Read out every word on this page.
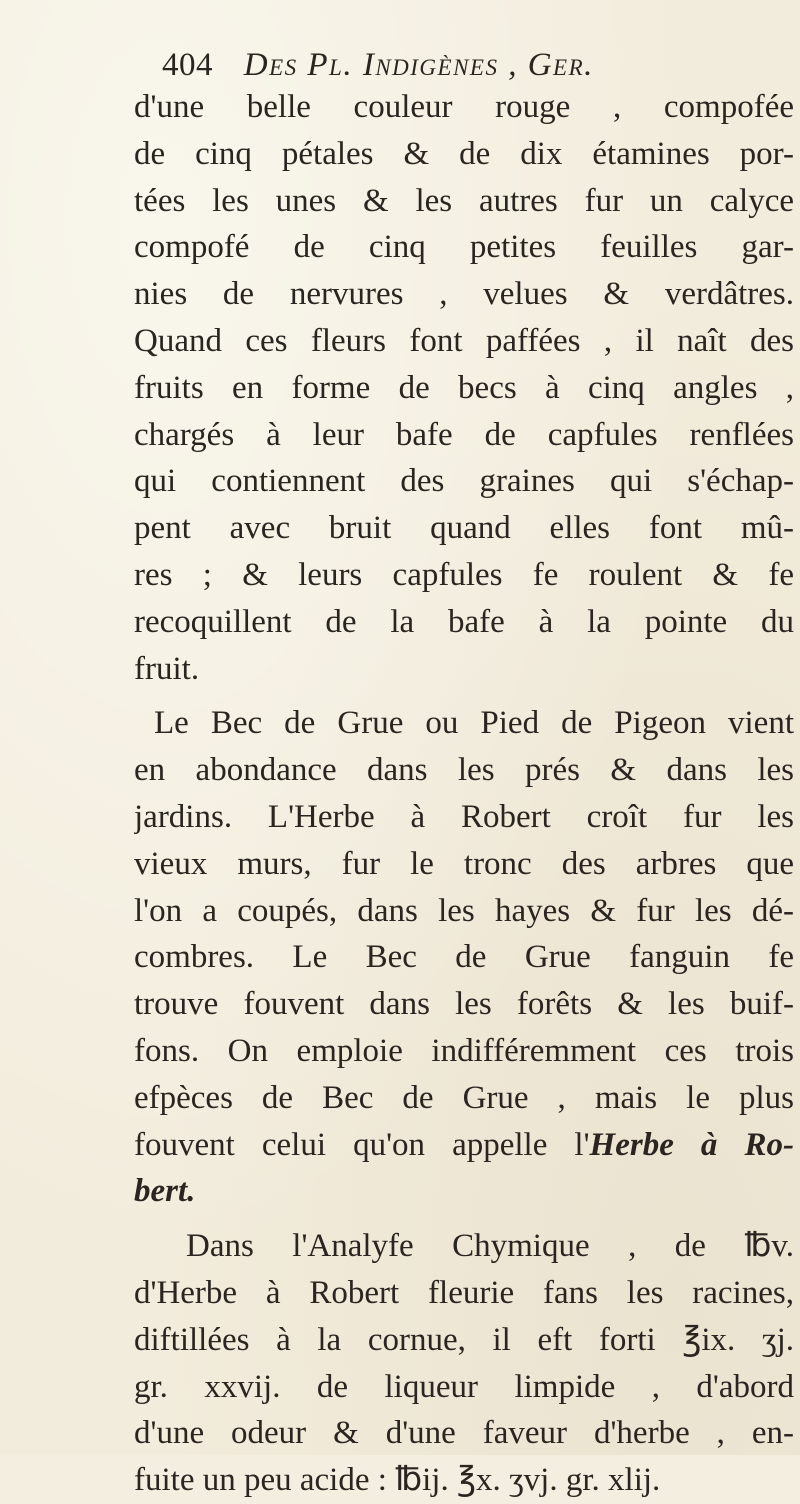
404 Des Pl. Indigènes , Ger.
d'une belle couleur rouge , compofée
de cinq pétales & de dix étamines por-
tées les unes & les autres fur un calyce
compofé de cinq petites feuilles gar-
nies de nervures , velues & verdâtres.
Quand ces fleurs font paffées , il naît des
fruits en forme de becs à cinq angles ,
chargés à leur bafe de capfules renflées
qui contiennent des graines qui s'échap-
pent avec bruit quand elles font mû-
res ; & leurs capfules fe roulent & fe
recoquillent de la bafe à la pointe du
fruit.
Le Bec de Grue ou Pied de Pigeon vient
en abondance dans les prés & dans les
jardins. L'Herbe à Robert croît fur les
vieux murs, fur le tronc des arbres que
l'on a coupés, dans les hayes & fur les dé-
combres. Le Bec de Grue fanguin fe
trouve fouvent dans les forêts & les buif-
fons. On emploie indifféremment ces trois
efpèces de Bec de Grue , mais le plus
fouvent celui qu'on appelle l'Herbe à Ro-
bert.
Dans l'Analyfe Chymique , de ℔v.
d'Herbe à Robert fleurie fans les racines,
diftillées à la cornue, il eft forti ℥ix. ʒj.
gr. xxvij. de liqueur limpide , d'abord
d'une odeur & d'une faveur d'herbe , en-
fuite un peu acide : ℔ij. ℥x. ʒvj. gr. xlij.
